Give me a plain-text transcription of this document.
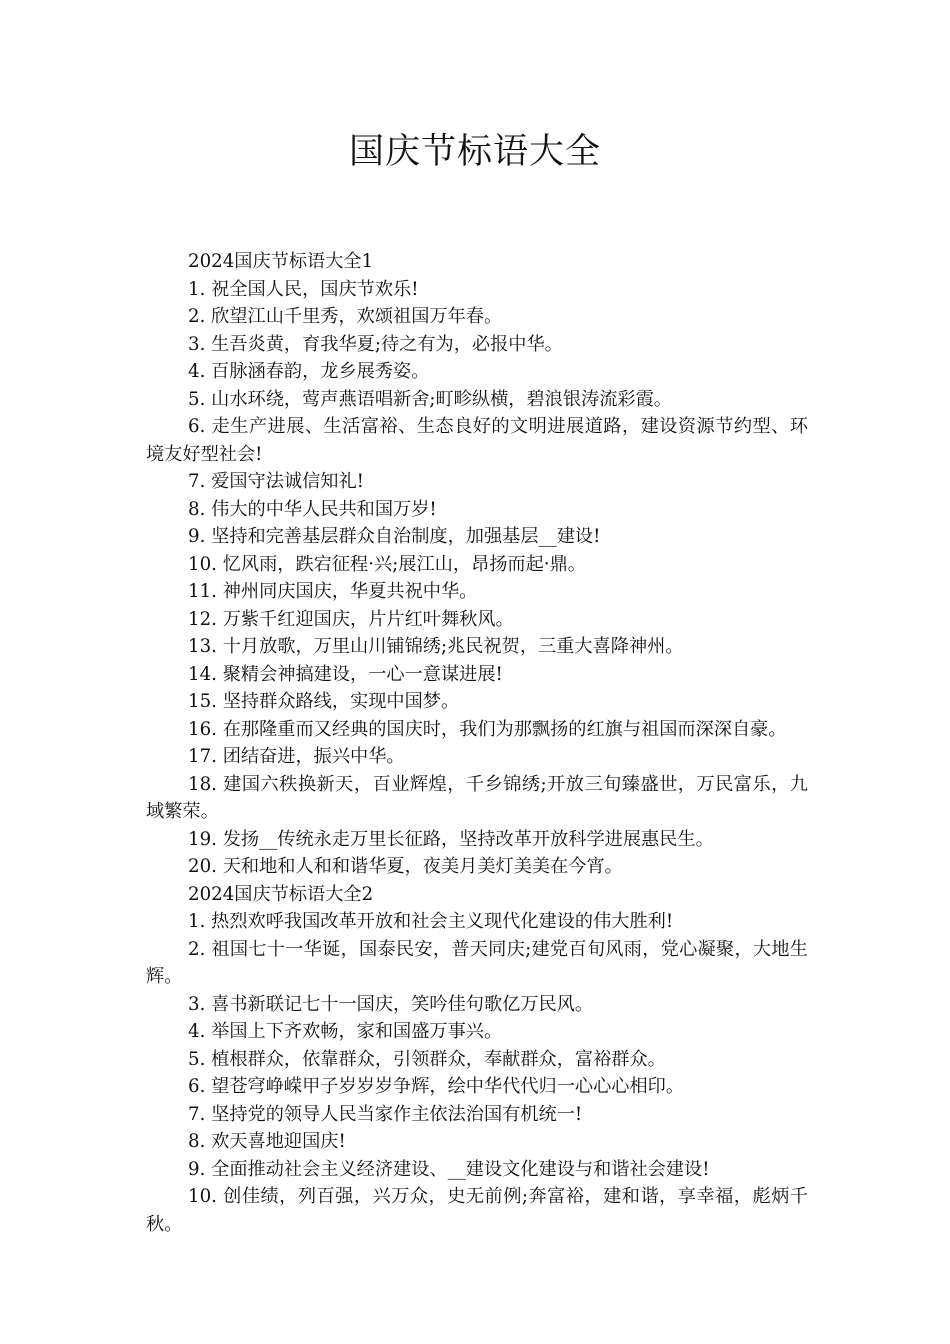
国庆节标语大全

2024国庆节标语大全1

1. 祝全国人民，国庆节欢乐!

2. 欣望江山千里秀，欢颂祖国万年春。

3. 生吾炎黄，育我华夏;待之有为，必报中华。

4. 百脉涵春韵，龙乡展秀姿。

5. 山水环绕，莺声燕语唱新舍;町畛纵横，碧浪银涛流彩霞。

6. 走生产进展、生活富裕、生态良好的文明进展道路，建设资源节约型、环境友好型社会!

7. 爱国守法诚信知礼!

8. 伟大的中华人民共和国万岁!

9. 坚持和完善基层群众自治制度，加强基层__建设!

10. 忆风雨，跌宕征程·兴;展江山，昂扬而起·鼎。

11. 神州同庆国庆，华夏共祝中华。

12. 万紫千红迎国庆，片片红叶舞秋风。

13. 十月放歌，万里山川铺锦绣;兆民祝贺，三重大喜降神州。

14. 聚精会神搞建设，一心一意谋进展!

15. 坚持群众路线，实现中国梦。

16. 在那隆重而又经典的国庆时，我们为那飘扬的红旗与祖国而深深自豪。

17. 团结奋进，振兴中华。

18. 建国六秩换新天，百业辉煌，千乡锦绣;开放三旬臻盛世，万民富乐，九域繁荣。

19. 发扬__传统永走万里长征路，坚持改革开放科学进展惠民生。

20. 天和地和人和和谐华夏，夜美月美灯美美在今宵。

2024国庆节标语大全2

1. 热烈欢呼我国改革开放和社会主义现代化建设的伟大胜利!

2. 祖国七十一华诞，国泰民安，普天同庆;建党百旬风雨，党心凝聚，大地生辉。

3. 喜书新联记七十一国庆，笑吟佳句歌亿万民风。

4. 举国上下齐欢畅，家和国盛万事兴。

5. 植根群众，依靠群众，引领群众，奉献群众，富裕群众。

6. 望苍穹峥嵘甲子岁岁岁争辉，绘中华代代归一心心心相印。

7. 坚持党的领导人民当家作主依法治国有机统一!

8. 欢天喜地迎国庆!

9. 全面推动社会主义经济建设、__建设文化建设与和谐社会建设!

10. 创佳绩，列百强，兴万众，史无前例;奔富裕，建和谐，享幸福，彪炳千秋。
